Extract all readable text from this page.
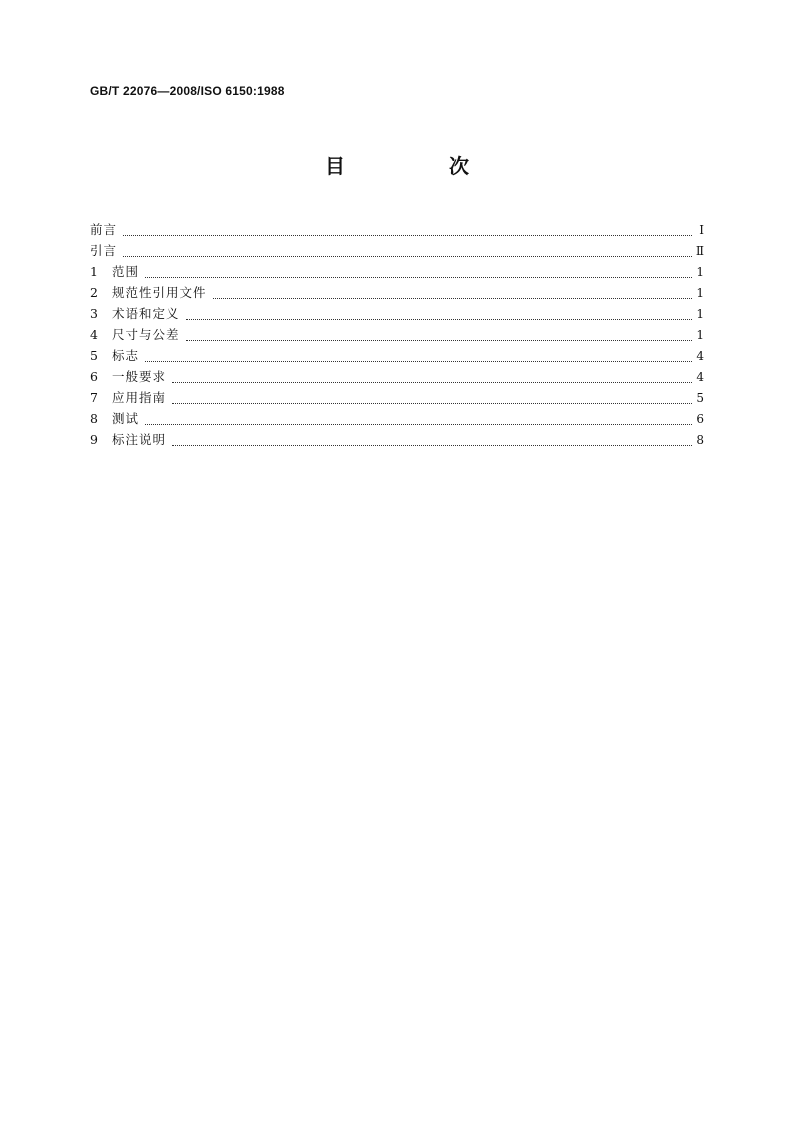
GB/T 22076—2008/ISO 6150:1988
目　次
前言	Ⅰ
引言	Ⅱ
1	范围	1
2	规范性引用文件	1
3	术语和定义	1
4	尺寸与公差	1
5	标志	4
6	一般要求	4
7	应用指南	5
8	测试	6
9	标注说明	8
